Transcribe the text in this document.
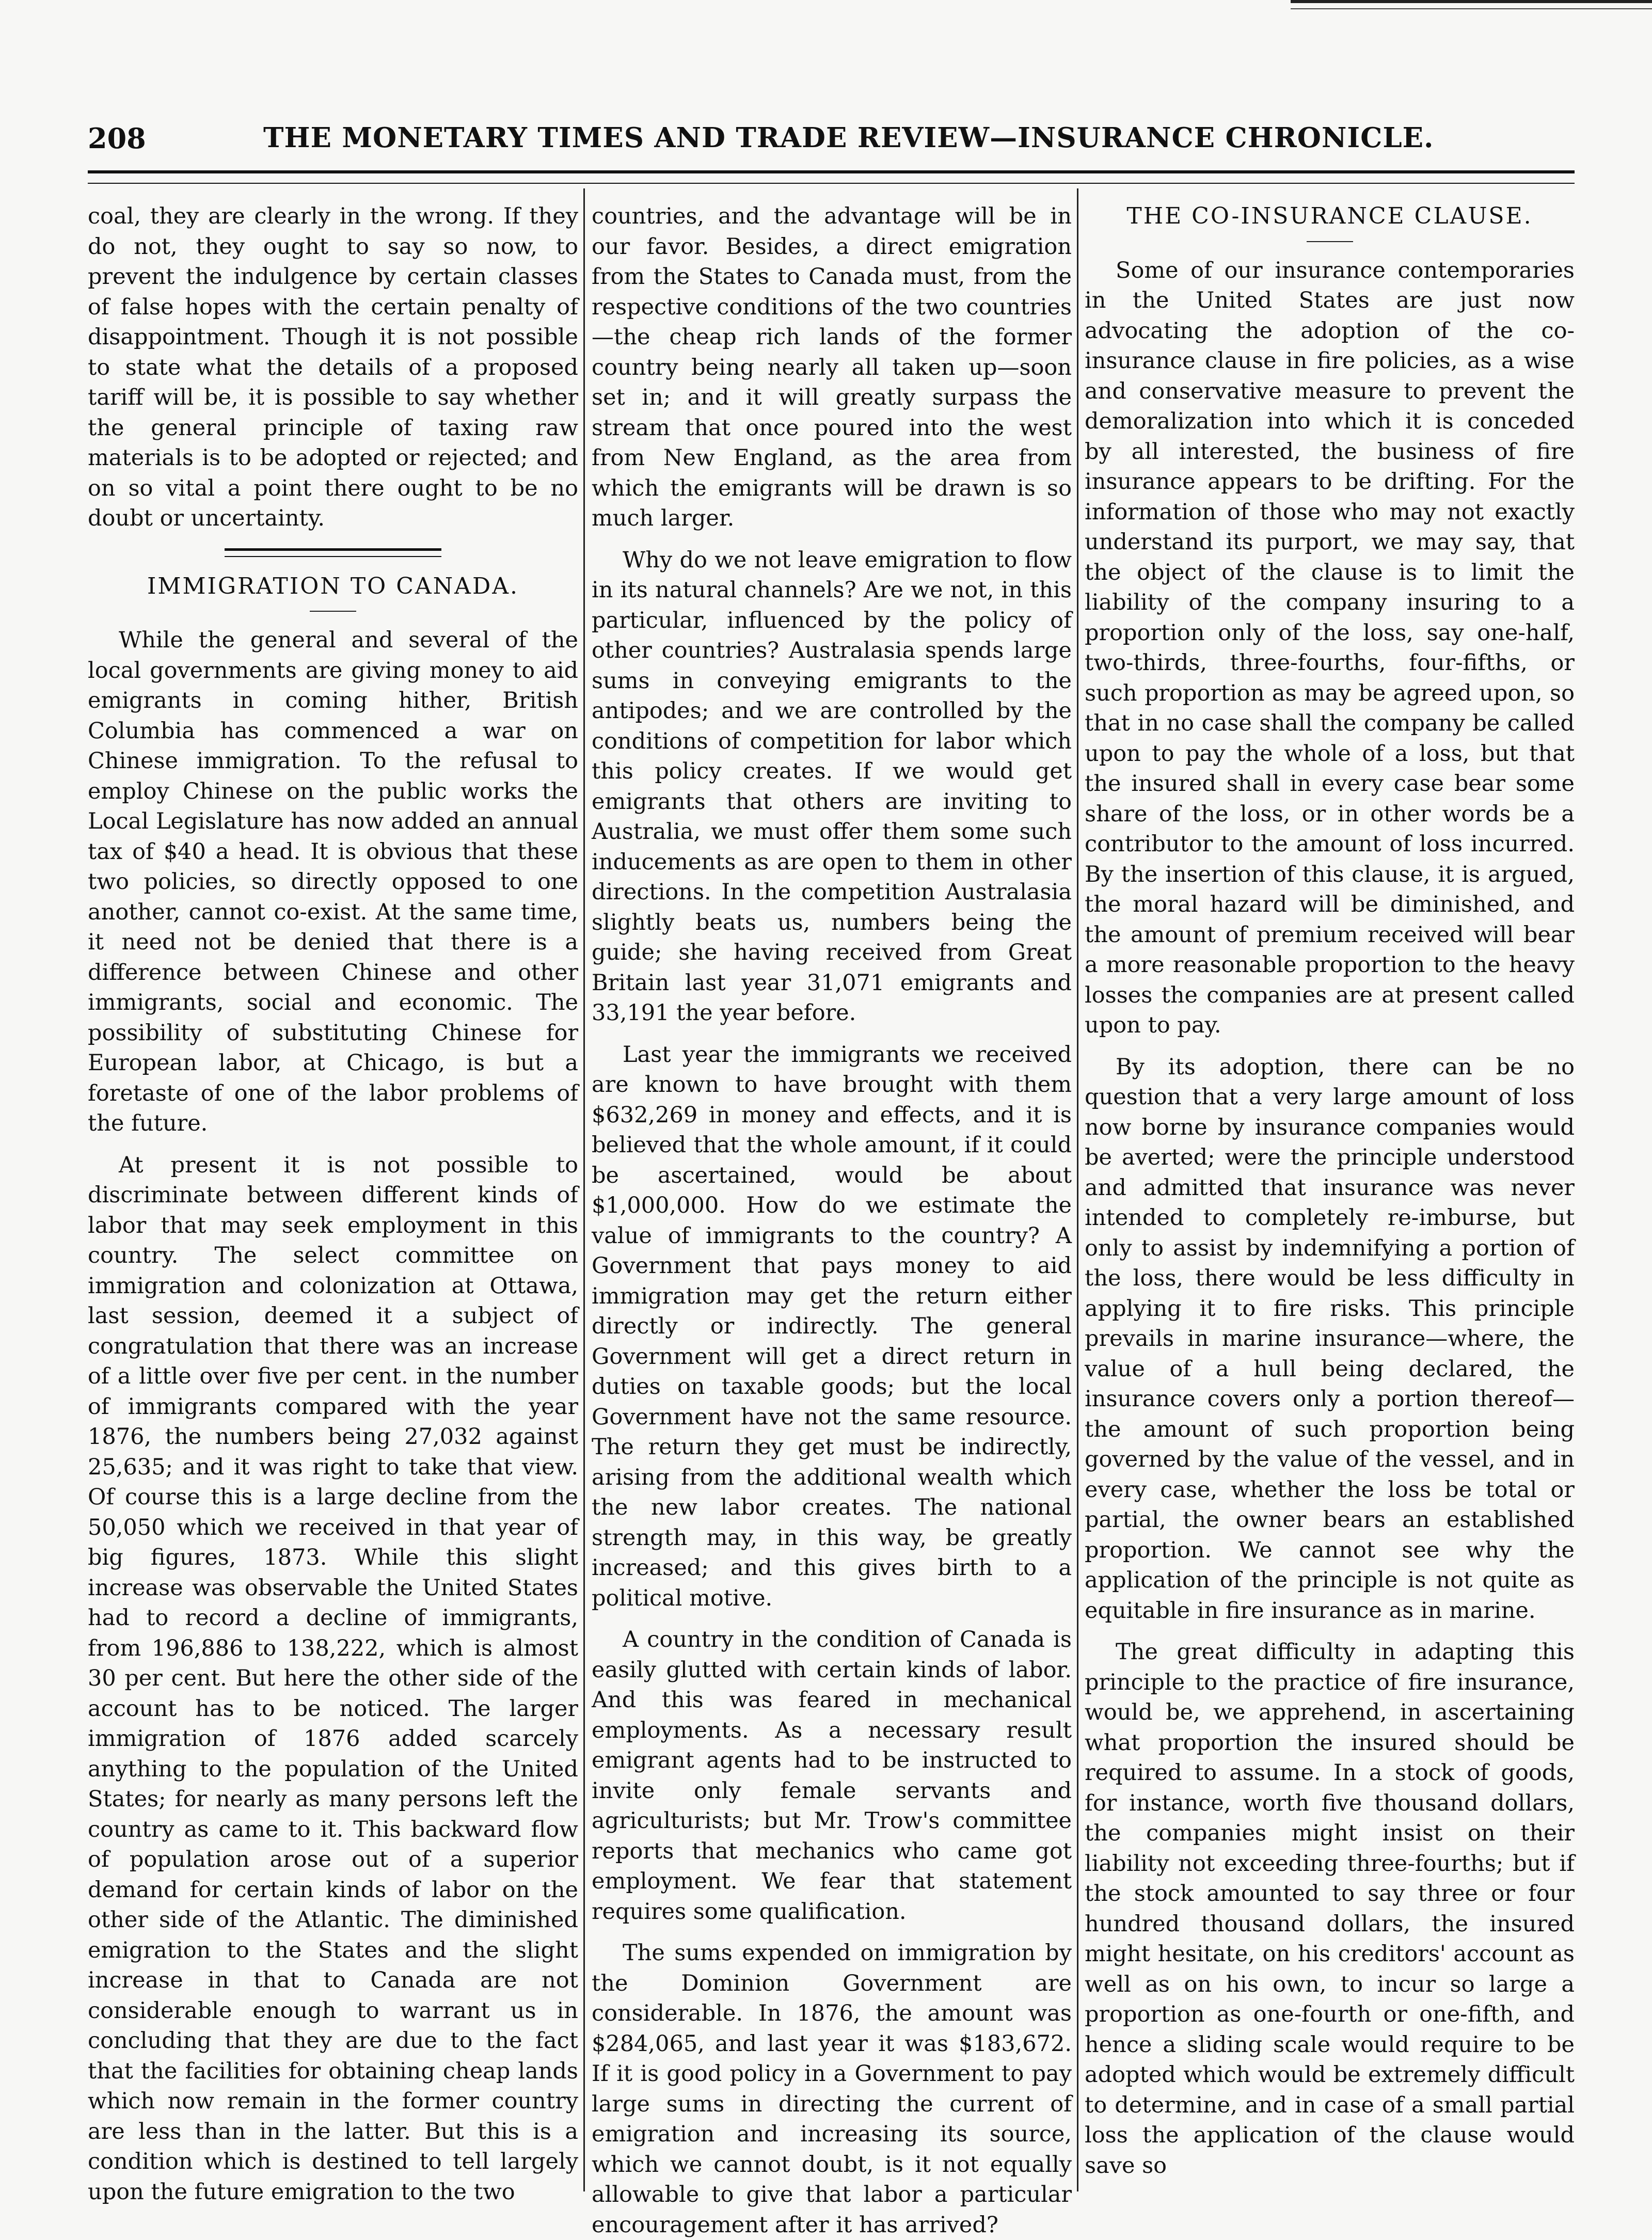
208	THE MONETARY TIMES AND TRADE REVIEW—INSURANCE CHRONICLE.

coal, they are clearly in the wrong. If they do not, they ought to say so now, to prevent the indulgence by certain classes of false hopes with the certain penalty of disappointment. Though it is not possible to state what the details of a proposed tariff will be, it is possible to say whether the general principle of taxing raw materials is to be adopted or rejected; and on so vital a point there ought to be no doubt or uncertainty.

IMMIGRATION TO CANADA.

While the general and several of the local governments are giving money to aid emigrants in coming hither, British Columbia has commenced a war on Chinese immigration. To the refusal to employ Chinese on the public works the Local Legislature has now added an annual tax of $40 a head. It is obvious that these two policies, so directly opposed to one another, cannot co-exist. At the same time, it need not be denied that there is a difference between Chinese and other immigrants, social and economic. The possibility of substituting Chinese for European labor, at Chicago, is but a foretaste of one of the labor problems of the future.

At present it is not possible to discriminate between different kinds of labor that may seek employment in this country. The select committee on immigration and colonization at Ottawa, last session, deemed it a subject of congratulation that there was an increase of a little over five per cent. in the number of immigrants compared with the year 1876, the numbers being 27,032 against 25,635; and it was right to take that view. Of course this is a large decline from the 50,050 which we received in that year of big figures, 1873. While this slight increase was observable the United States had to record a decline of immigrants, from 196,886 to 138,222, which is almost 30 per cent. But here the other side of the account has to be noticed. The larger immigration of 1876 added scarcely anything to the population of the United States; for nearly as many persons left the country as came to it. This backward flow of population arose out of a superior demand for certain kinds of labor on the other side of the Atlantic. The diminished emigration to the States and the slight increase in that to Canada are not considerable enough to warrant us in concluding that they are due to the fact that the facilities for obtaining cheap lands which now remain in the former country are less than in the latter. But this is a condition which is destined to tell largely upon the future emigration to the two

countries, and the advantage will be in our favor. Besides, a direct emigration from the States to Canada must, from the respective conditions of the two countries—the cheap rich lands of the former country being nearly all taken up—soon set in; and it will greatly surpass the stream that once poured into the west from New England, as the area from which the emigrants will be drawn is so much larger.

Why do we not leave emigration to flow in its natural channels? Are we not, in this particular, influenced by the policy of other countries? Australasia spends large sums in conveying emigrants to the antipodes; and we are controlled by the conditions of competition for labor which this policy creates. If we would get emigrants that others are inviting to Australia, we must offer them some such inducements as are open to them in other directions. In the competition Australasia slightly beats us, numbers being the guide; she having received from Great Britain last year 31,071 emigrants and 33,191 the year before.

Last year the immigrants we received are known to have brought with them $632,269 in money and effects, and it is believed that the whole amount, if it could be ascertained, would be about $1,000,000. How do we estimate the value of immigrants to the country? A Government that pays money to aid immigration may get the return either directly or indirectly. The general Government will get a direct return in duties on taxable goods; but the local Government have not the same resource. The return they get must be indirectly, arising from the additional wealth which the new labor creates. The national strength may, in this way, be greatly increased; and this gives birth to a political motive.

A country in the condition of Canada is easily glutted with certain kinds of labor. And this was feared in mechanical employments. As a necessary result emigrant agents had to be instructed to invite only female servants and agriculturists; but Mr. Trow's committee reports that mechanics who came got employment. We fear that statement requires some qualification.

The sums expended on immigration by the Dominion Government are considerable. In 1876, the amount was $284,065, and last year it was $183,672. If it is good policy in a Government to pay large sums in directing the current of emigration and increasing its source, which we cannot doubt, is it not equally allowable to give that labor a particular encouragement after it has arrived?

THE CO-INSURANCE CLAUSE.

Some of our insurance contemporaries in the United States are just now advocating the adoption of the co-insurance clause in fire policies, as a wise and conservative measure to prevent the demoralization into which it is conceded by all interested, the business of fire insurance appears to be drifting. For the information of those who may not exactly understand its purport, we may say, that the object of the clause is to limit the liability of the company insuring to a proportion only of the loss, say one-half, two-thirds, three-fourths, four-fifths, or such proportion as may be agreed upon, so that in no case shall the company be called upon to pay the whole of a loss, but that the insured shall in every case bear some share of the loss, or in other words be a contributor to the amount of loss incurred. By the insertion of this clause, it is argued, the moral hazard will be diminished, and the amount of premium received will bear a more reasonable proportion to the heavy losses the companies are at present called upon to pay.

By its adoption, there can be no question that a very large amount of loss now borne by insurance companies would be averted; were the principle understood and admitted that insurance was never intended to completely re-imburse, but only to assist by indemnifying a portion of the loss, there would be less difficulty in applying it to fire risks. This principle prevails in marine insurance—where, the value of a hull being declared, the insurance covers only a portion thereof—the amount of such proportion being governed by the value of the vessel, and in every case, whether the loss be total or partial, the owner bears an established proportion. We cannot see why the application of the principle is not quite as equitable in fire insurance as in marine.

The great difficulty in adapting this principle to the practice of fire insurance, would be, we apprehend, in ascertaining what proportion the insured should be required to assume. In a stock of goods, for instance, worth five thousand dollars, the companies might insist on their liability not exceeding three-fourths; but if the stock amounted to say three or four hundred thousand dollars, the insured might hesitate, on his creditors' account as well as on his own, to incur so large a proportion as one-fourth or one-fifth, and hence a sliding scale would require to be adopted which would be extremely difficult to determine, and in case of a small partial loss the application of the clause would save so
